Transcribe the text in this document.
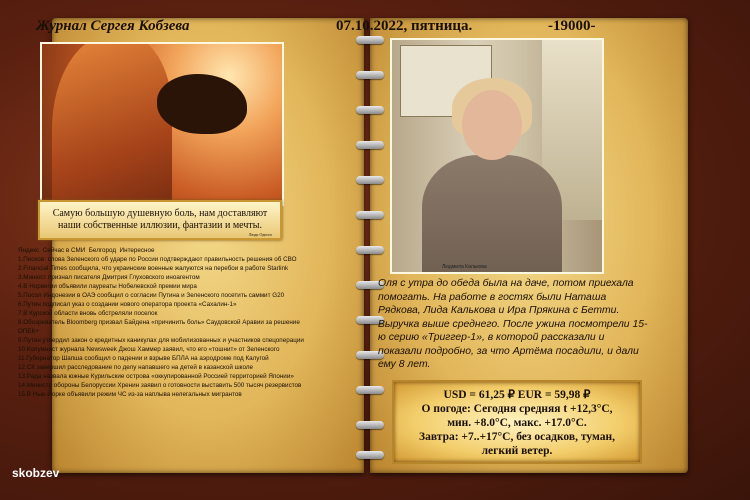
Журнал Сергея Кобзева
Самую большую душевную боль, нам доставляют
наши собственные иллюзии, фантазии и мечты.
Люди Одного
Яндекс  Сейчас в СМИ  Белгород  Интересное
1.Песков: слова Зеленского об ударе по России подтверждают правильность решения об СВО
2.Financial Times сообщила, что украинские военные жалуются на перебои в работе Starlink
3.Минюст признал писателя Дмитрия Глуховского иноагентом
4.В Норвегии объявили лауреаты Нобелевской премии мира
5.Посол Индонезии в ОАЭ сообщил о согласии Путина и Зеленского посетить саммит G20
6.Путин подписал указ о создании нового оператора проекта «Сахалин-1»
7.В Курской области вновь обстреляли поселок
8.Обозреватель Bloomberg призвал Байдена «причинить боль» Саудовской Аравии за решение ОПЕК+
9.Путин утвердил закон о кредитных каникулах для мобилизованных и участников спецоперации
10.Колумнист журнала Newsweek Джош Хаммер заявил, что его «тошнит» от Зеленского
11.Губернатор Шапша сообщил о падении и взрыве БПЛА на аэродроме под Калугой
12.СК завершил расследование по делу напавшего на детей в казанской школе
13.Рада назвала южные Курильские острова «оккупированной Россией территорией Японии»
14.Министр обороны Белоруссии Хренин заявил о готовности выставить 500 тысяч резервистов
15.В Нью-Йорке объявили режим ЧС из-за наплыва нелегальных мигрантов
07.10.2022, пятница.	-19000-
Людмила Калькова
Оля с утра до обеда была на даче, потом приехала помогать. На работе в гостях были Наташа Рядкова, Лида Калькова и Ира Прякина с Бетти. Выручка выше среднего. После ужина посмотрели 15-ю серию «Триггер-1», в которой рассказали и показали подробно, за что Артёма посадили, и дали ему 8 лет.
USD = 61,25 ₽ EUR = 59,98 ₽
О погоде: Сегодня средняя t +12,3°С,
мин. +8.0°С, макс. +17.0°С.
Завтра: +7..+17°С, без осадков, туман,
легкий ветер.
skobzev
